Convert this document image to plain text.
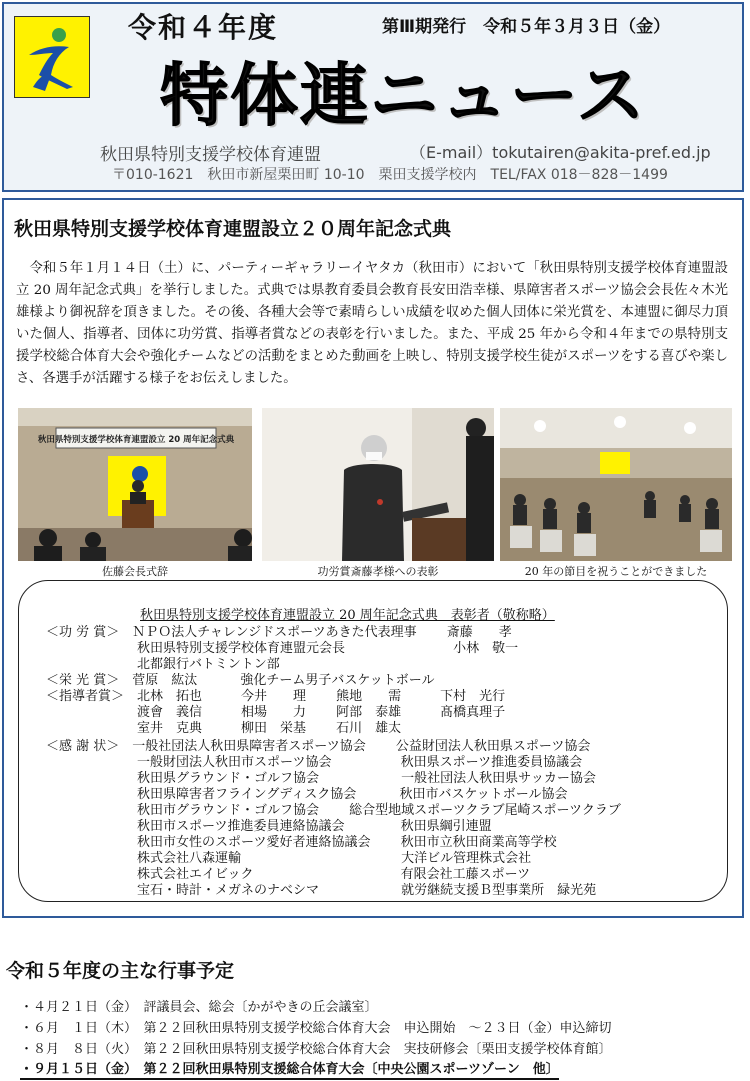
令和４年度	第Ⅲ期発行　令和５年３月３日（金）
特体連ニュース
秋田県特別支援学校体育連盟	（E-mail）tokutairen@akita-pref.ed.jp
〒010-1621　秋田市新屋栗田町 10-10　栗田支援学校内　TEL/FAX 018－828－1499
秋田県特別支援学校体育連盟設立２０周年記念式典
　令和５年１月１４日（土）に、パーティーギャラリーイヤタカ（秋田市）において「秋田県特別支援学校体育連盟設立 20 周年記念式典」を挙行しました。式典では県教育委員会教育長安田浩幸様、県障害者スポーツ協会会長佐々木光雄様より御祝辞を頂きました。その後、各種大会等で素晴らしい成績を収めた個人団体に栄光賞を、本連盟に御尽力頂いた個人、指導者、団体に功労賞、指導者賞などの表彰を行いました。また、平成 25 年から令和４年までの県特別支援学校総合体育大会や強化チームなどの活動をまとめた動画を上映し、特別支援学校生徒がスポーツをする喜びや楽しさ、各選手が活躍する様子をお伝えしました。
秋田県特別支援学校体育連盟設立 20 周年記念式典
佐藤会長式辞	功労賞斎藤孝様への表彰	20 年の節目を祝うことができました
秋田県特別支援学校体育連盟設立 20 周年記念式典　表彰者（敬称略）
＜功 労 賞＞　ＮＰＯ法人チャレンジドスポーツあきた代表理事　　 斎藤　　孝
　　　　　　　秋田県特別支援学校体育連盟元会長　　　　　　　　 小林　敬一
　　　　　　　北都銀行バトミントン部
＜栄 光 賞＞　菅原　紘汰　　　 強化チーム男子バスケットボール
＜指導者賞＞　北林　拓也　　　今井　　理　　 熊地　　需　　　下村　光行
　　　　　　　渡會　義信　　　相場　　力　　 阿部　泰雄　　　髙橋真理子
　　　　　　　室井　克典　　　柳田　栄基　　 石川　雄太
＜感 謝 状＞　一般社団法人秋田県障害者スポーツ協会　　 公益財団法人秋田県スポーツ協会
　　　　　　　一般財団法人秋田市スポーツ協会　　　　　 秋田県スポーツ推進委員協議会
　　　　　　　秋田県グラウンド・ゴルフ協会　　　　　　 一般社団法人秋田県サッカー協会
　　　　　　　秋田県障害者フライングディスク協会　　　 秋田市バスケットボール協会
　　　　　　　秋田市グラウンド・ゴルフ協会　　 総合型地域スポーツクラブ尾崎スポーツクラブ
　　　　　　　秋田市スポーツ推進委員連絡協議会　　　　 秋田県綱引連盟
　　　　　　　秋田市女性のスポーツ愛好者連絡協議会　　 秋田市立秋田商業高等学校
　　　　　　　株式会社八森運輸　　　　　　　　　　　　 大洋ビル管理株式会社
　　　　　　　株式会社エイビック　　　　　　　　　　　 有限会社工藤スポーツ
　　　　　　　宝石・時計・メガネのナベシマ　　　　　　 就労継続支援Ｂ型事業所　緑光苑
令和５年度の主な行事予定
・４月２１日（金）　評議員会、総会〔かがやきの丘会議室〕
・６月　１日（木）　第２２回秋田県特別支援学校総合体育大会　申込開始　～２３日（金）申込締切
・８月　８日（火）　第２２回秋田県特別支援学校総合体育大会　実技研修会〔栗田支援学校体育館〕
・９月１５日（金）　第２２回秋田県特別支援総合体育大会〔中央公園スポーツゾーン　他〕
